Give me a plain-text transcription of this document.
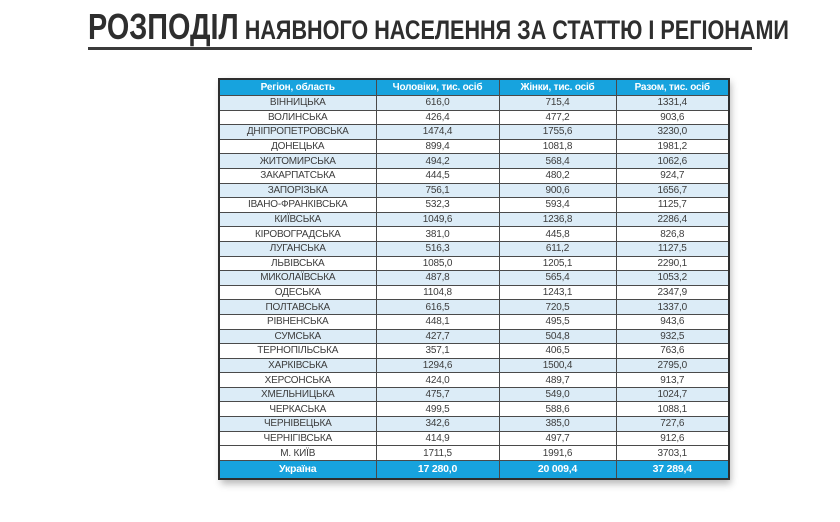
РОЗПОДІЛ НАЯВНОГО НАСЕЛЕННЯ ЗА СТАТТЮ І РЕГІОНАМИ
Регіон, область	Чоловіки, тис. осіб	Жінки, тис. осіб	Разом, тис. осіб
ВІННИЦЬКА	616,0	715,4	1331,4
ВОЛИНСЬКА	426,4	477,2	903,6
ДНІПРОПЕТРОВСЬКА	1474,4	1755,6	3230,0
ДОНЕЦЬКА	899,4	1081,8	1981,2
ЖИТОМИРСЬКА	494,2	568,4	1062,6
ЗАКАРПАТСЬКА	444,5	480,2	924,7
ЗАПОРІЗЬКА	756,1	900,6	1656,7
ІВАНО-ФРАНКІВСЬКА	532,3	593,4	1125,7
КИЇВСЬКА	1049,6	1236,8	2286,4
КІРОВОГРАДСЬКА	381,0	445,8	826,8
ЛУГАНСЬКА	516,3	611,2	1127,5
ЛЬВІВСЬКА	1085,0	1205,1	2290,1
МИКОЛАЇВСЬКА	487,8	565,4	1053,2
ОДЕСЬКА	1104,8	1243,1	2347,9
ПОЛТАВСЬКА	616,5	720,5	1337,0
РІВНЕНСЬКА	448,1	495,5	943,6
СУМСЬКА	427,7	504,8	932,5
ТЕРНОПІЛЬСЬКА	357,1	406,5	763,6
ХАРКІВСЬКА	1294,6	1500,4	2795,0
ХЕРСОНСЬКА	424,0	489,7	913,7
ХМЕЛЬНИЦЬКА	475,7	549,0	1024,7
ЧЕРКАСЬКА	499,5	588,6	1088,1
ЧЕРНІВЕЦЬКА	342,6	385,0	727,6
ЧЕРНІГІВСЬКА	414,9	497,7	912,6
М. КИЇВ	1711,5	1991,6	3703,1
Україна	17 280,0	20 009,4	37 289,4
